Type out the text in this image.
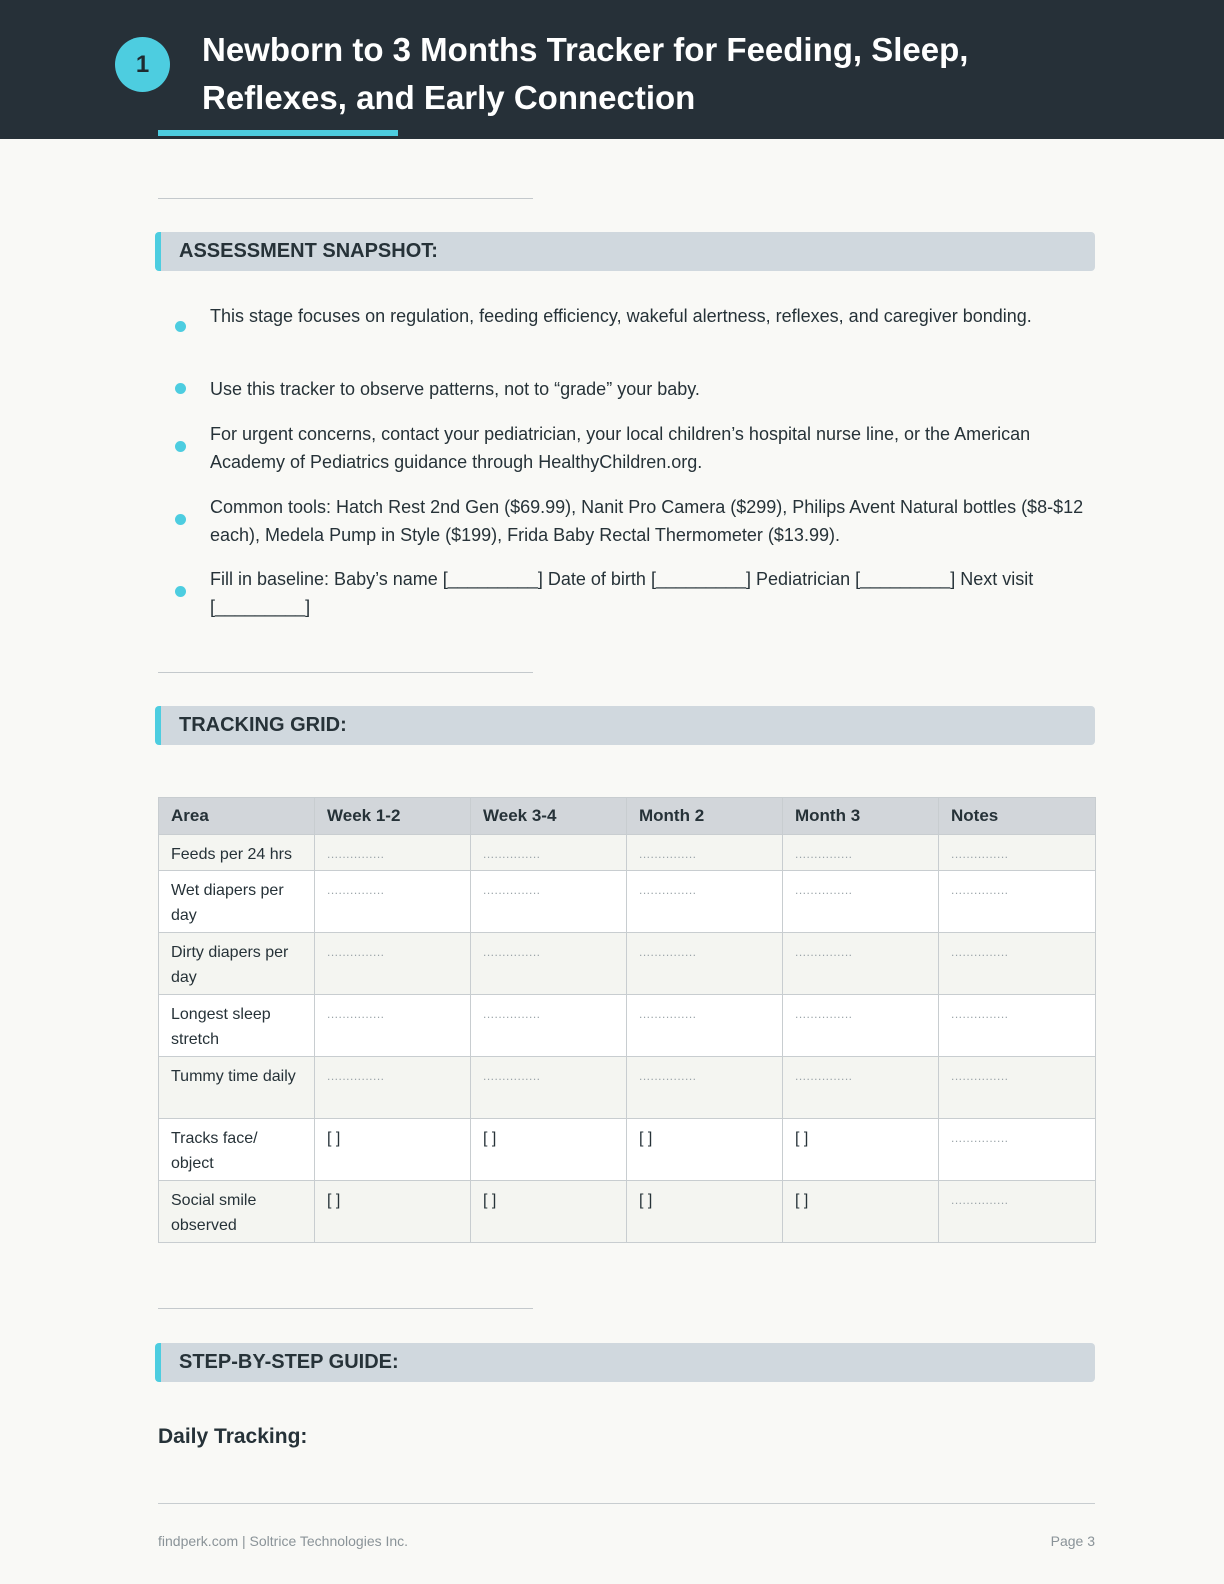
1	Newborn to 3 Months Tracker for Feeding, Sleep, Reflexes, and Early Connection
ASSESSMENT SNAPSHOT:
This stage focuses on regulation, feeding efficiency, wakeful alertness, reflexes, and caregiver bonding.
Use this tracker to observe patterns, not to “grade” your baby.
For urgent concerns, contact your pediatrician, your local children’s hospital nurse line, or the American Academy of Pediatrics guidance through HealthyChildren.org.
Common tools: Hatch Rest 2nd Gen ($69.99), Nanit Pro Camera ($299), Philips Avent Natural bottles ($8-$12 each), Medela Pump in Style ($199), Frida Baby Rectal Thermometer ($13.99).
Fill in baseline: Baby’s name [_________] Date of birth [_________] Pediatrician [_________] Next visit [_________]
TRACKING GRID:
Area	Week 1-2	Week 3-4	Month 2	Month 3	Notes
Feeds per 24 hrs	...............	...............	...............	...............	...............
Wet diapers per day	...............	...............	...............	...............	...............
Dirty diapers per day	...............	...............	...............	...............	...............
Longest sleep stretch	...............	...............	...............	...............	...............
Tummy time daily	...............	...............	...............	...............	...............
Tracks face/ object	[ ]	[ ]	[ ]	[ ]	...............
Social smile observed	[ ]	[ ]	[ ]	[ ]	...............
STEP-BY-STEP GUIDE:
Daily Tracking:
findperk.com | Soltrice Technologies Inc.	Page 3
